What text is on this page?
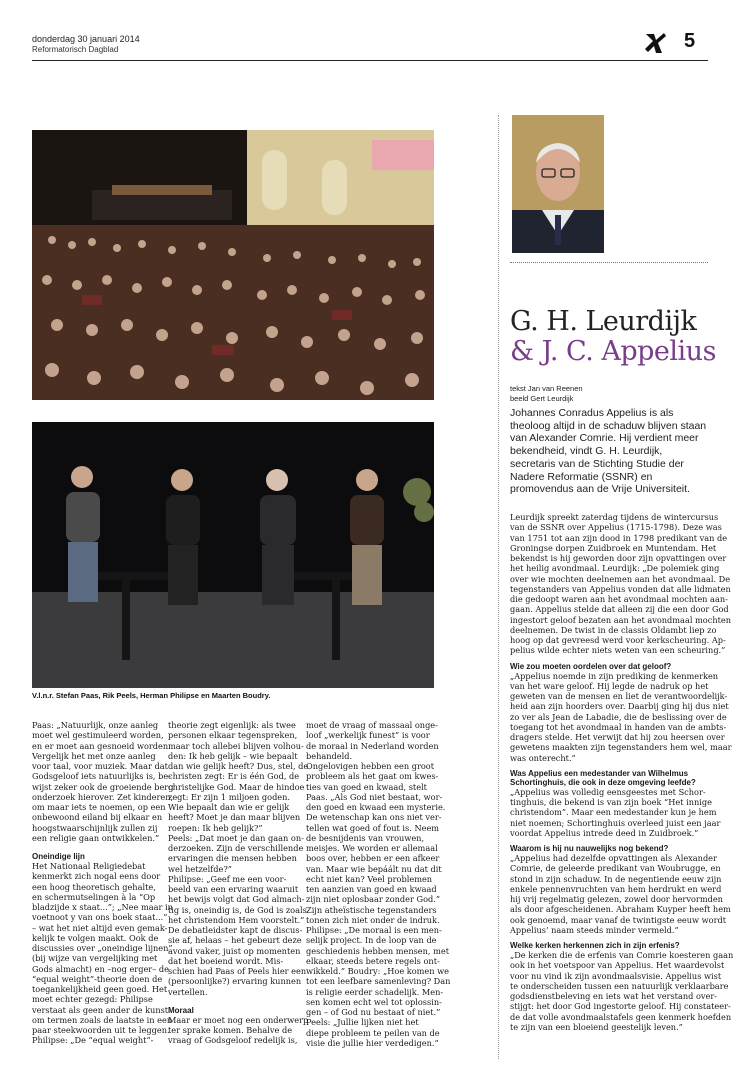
donderdag 30 januari 2014
Reformatorisch Dagblad	5
V.l.n.r. Stefan Paas, Rik Peels, Herman Philipse en Maarten Boudry.
G. H. Leurdijk
& J. C. Appelius
tekst Jan van Reenen
beeld Gert Leurdijk
Johannes Conradus Appelius is als theoloog altijd in de schaduw blijven staan van Alexander Comrie. Hij verdient meer bekendheid, vindt G. H. Leurdijk, secretaris van de Stichting Studie der Nadere Reformatie (SSNR) en promovendus aan de Vrije Universiteit.

Leurdijk spreekt zaterdag tijdens de wintercursus

van de SSNR over Appelius (1715-1798). Deze was

van 1751 tot aan zijn dood in 1798 predikant van de

Groningse dorpen Zuidbroek en Muntendam. Het

bekendst is hij geworden door zijn opvattingen over

het heilig avondmaal. Leurdijk: „De polemiek ging

over wie mochten deelnemen aan het avondmaal. De

tegenstanders van Appelius vonden dat alle lidmaten

die gedoopt waren aan het avondmaal mochten aan-

gaan. Appelius stelde dat alleen zij die een door God

ingestort geloof bezaten aan het avondmaal mochten

deelnemen. De twist in de classis Oldambt liep zo

hoog op dat gevreesd werd voor kerkscheuring. Ap-

pelius wilde echter niets weten van een scheuring.”

Wie zou moeten oordelen over dat geloof?

„Appelius noemde in zijn prediking de kenmerken

van het ware geloof. Hij legde de nadruk op het

geweten van de mensen en liet de verantwoordelijk-

heid aan zijn hoorders over. Daarbij ging hij dus niet

zo ver als Jean de Labadie, die de beslissing over de

toegang tot het avondmaal in handen van de ambts-

dragers stelde. Het verwijt dat hij zou heersen over

gewetens maakten zijn tegenstanders hem wel, maar

was onterecht.”

Was Appelius een medestander van Wilhelmus

Schortinghuis, die ook in deze omgeving leefde?

„Appelius was volledig eensgeestes met Schor-

tinghuis, die bekend is van zijn boek “Het innige

christendom”. Maar een medestander kun je hem

niet noemen; Schortinghuis overleed juist een jaar

voordat Appelius intrede deed in Zuidbroek.”

Waarom is hij nu nauwelijks nog bekend?

„Appelius had dezelfde opvattingen als Alexander

Comrie, de geleerde predikant van Woubrugge, en

stond in zijn schaduw. In de negentiende eeuw zijn

enkele pennenvruchten van hem herdrukt en werd

hij vrij regelmatig gelezen, zowel door hervormden

als door afgescheidenen. Abraham Kuyper heeft hem

ook genoemd, maar vanaf de twintigste eeuw wordt

Appelius’ naam steeds minder vermeld.”

Welke kerken herkennen zich in zijn erfenis?

„De kerken die de erfenis van Comrie koesteren gaan

ook in het voetspoor van Appelius. Het waardevolst

voor nu vind ik zijn avondmaalsvisie. Appelius wist

te onderscheiden tussen een natuurlijk verklaarbare

godsdienstbeleving en iets wat het verstand over-

stijgt: het door God ingestorte geloof. Hij constateer-

de dat volle avondmaalstafels geen kenmerk hoefden

te zijn van een bloeiend geestelijk leven.”

Paas: „Natuurlijk, onze aanleg

moet wel gestimuleerd worden,

en er moet aan gesnoeid worden.

Vergelijk het met onze aanleg

voor taal, voor muziek. Maar dat

Godsgeloof iets natuurlijks is, be-

wijst zeker ook de groeiende berg

onderzoek hierover. Zet kinderen,

om maar iets te noemen, op een

onbewoond eiland bij elkaar en

hoogstwaarschijnlijk zullen zij

een religie gaan ontwikkelen.”

Oneindige lijn

Het Nationaal Religiedebat

kenmerkt zich nogal eens door

een hoog theoretisch gehalte,

en schermutselingen à la “Op

bladzijde x staat...”; „Nee maar in

voetnoot y van ons boek staat...”

– wat het niet altijd even gemak-

kelijk te volgen maakt. Ook de

discussies over „oneindige lijnen”

(bij wijze van vergelijking met

Gods almacht) en –nog erger– de

“equal weight”-theorie doen de

toegankelijkheid geen goed. Het

moet echter gezegd: Philipse

verstaat als geen ander de kunst

om termen zoals de laatste in een

paar steekwoorden uit te leggen.

Philipse: „De “equal weight”-

theorie zegt eigenlijk: als twee

personen elkaar tegenspreken,

maar toch allebei blijven volhou-

den: Ik heb gelijk – wie bepaalt

dan wie gelijk heeft? Dus, stel, de

christen zegt: Er is één God, de

christelijke God. Maar de hindoe

zegt: Er zijn 1 miljoen goden.

Wie bepaalt dan wie er gelijk

heeft? Moet je dan maar blijven

roepen: Ik heb gelijk?”

Peels: „Dat moet je dan gaan on-

derzoeken. Zijn de verschillende

ervaringen die mensen hebben

wel hetzelfde?”

Philipse: „Geef me een voor-

beeld van een ervaring waaruit

het bewijs volgt dat God almach-

tig is, oneindig is, de God is zoals

het christendom Hem voorstelt.”

De debatleidster kapt de discus-

sie af, helaas – het gebeurt deze

avond vaker, juist op momenten

dat het boeiend wordt. Mis-

schien had Paas of Peels hier een

(persoonlijke?) ervaring kunnen

vertellen.

Moraal

Maar er moet nog een onderwerp

ter sprake komen. Behalve de

vraag of Godsgeloof redelijk is,

moet de vraag of massaal onge-

loof „werkelijk funest” is voor

de moraal in Nederland worden

behandeld.

Ongelovigen hebben een groot

probleem als het gaat om kwes-

ties van goed en kwaad, stelt

Paas. „Als God niet bestaat, wor-

den goed en kwaad een mysterie.

De wetenschap kan ons niet ver-

tellen wat goed of fout is. Neem

de besnijdenis van vrouwen,

meisjes. We worden er allemaal

boos over, hebben er een afkeer

van. Maar wie bepáált nu dat dit

echt niet kan? Veel problemen

ten aanzien van goed en kwaad

zijn niet oplosbaar zonder God.”

Zijn atheïstische tegenstanders

tonen zich niet onder de indruk.

Philipse: „De moraal is een men-

selijk project. In de loop van de

geschiedenis hebben mensen, met

elkaar, steeds betere regels ont-

wikkeld.” Boudry: „Hoe komen we

tot een leefbare samenleving? Dan

is religie eerder schadelijk. Men-

sen komen echt wel tot oplossin-

gen – of God nu bestaat of niet.”

Peels: „Jullie lijken niet het

diepe probleem te peilen van de

visie die jullie hier verdedigen.”
